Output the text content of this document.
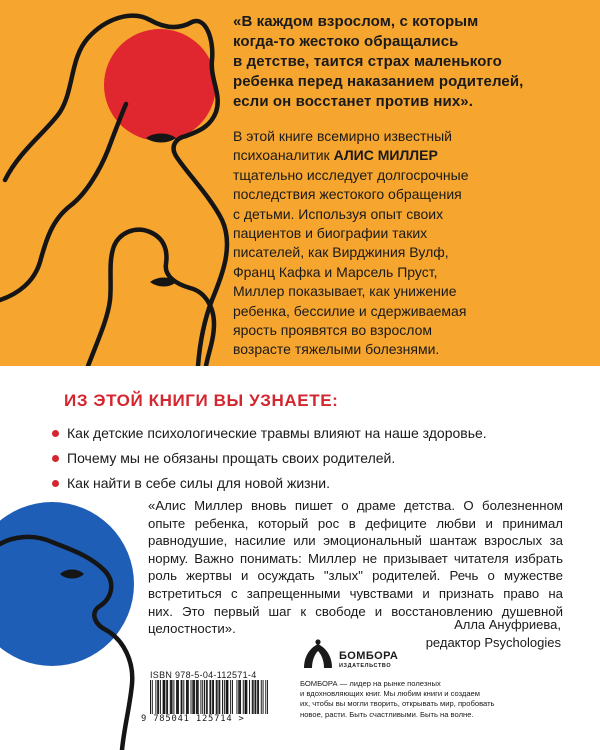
«В каждом взрослом, с которым
когда-то жестоко обращались
в детстве, таится страх маленького
ребенка перед наказанием родителей,
если он восстанет против них».

В этой книге всемирно известный
психоаналитик АЛИС МИЛЛЕР
тщательно исследует долгосрочные
последствия жестокого обращения
с детьми. Используя опыт своих
пациентов и биографии таких
писателей, как Вирджиния Вулф,
Франц Кафка и Марсель Пруст,
Миллер показывает, как унижение
ребенка, бессилие и сдерживаемая
ярость проявятся во взрослом
возрасте тяжелыми болезнями.

ИЗ ЭТОЙ КНИГИ ВЫ УЗНАЕТЕ:
Как детские психологические травмы влияют на наше здоровье.
Почему мы не обязаны прощать своих родителей.
Как найти в себе силы для новой жизни.

«Алис Миллер вновь пишет о драме детства. О болезненном
опыте ребенка, который рос в дефиците любви и принимал
равнодушие, насилие или эмоциональный шантаж взрослых за
норму. Важно понимать: Миллер не призывает читателя избрать
роль жертвы и осуждать "злых" родителей. Речь о мужестве
встретиться с запрещенными чувствами и признать право на
них. Это первый шаг к свободе и восстановлению душевной
целостности».	Алла Ануфриева,
редактор Psychologies
ISBN 978-5-04-112571-4
9 785041 125714 >
БОМБОРА
ИЗДАТЕЛЬСТВО
БОМБОРА — лидер на рынке полезных
и вдохновляющих книг. Мы любим книги и создаем
их, чтобы вы могли творить, открывать мир, пробовать
новое, расти. Быть счастливыми. Быть на волне.
